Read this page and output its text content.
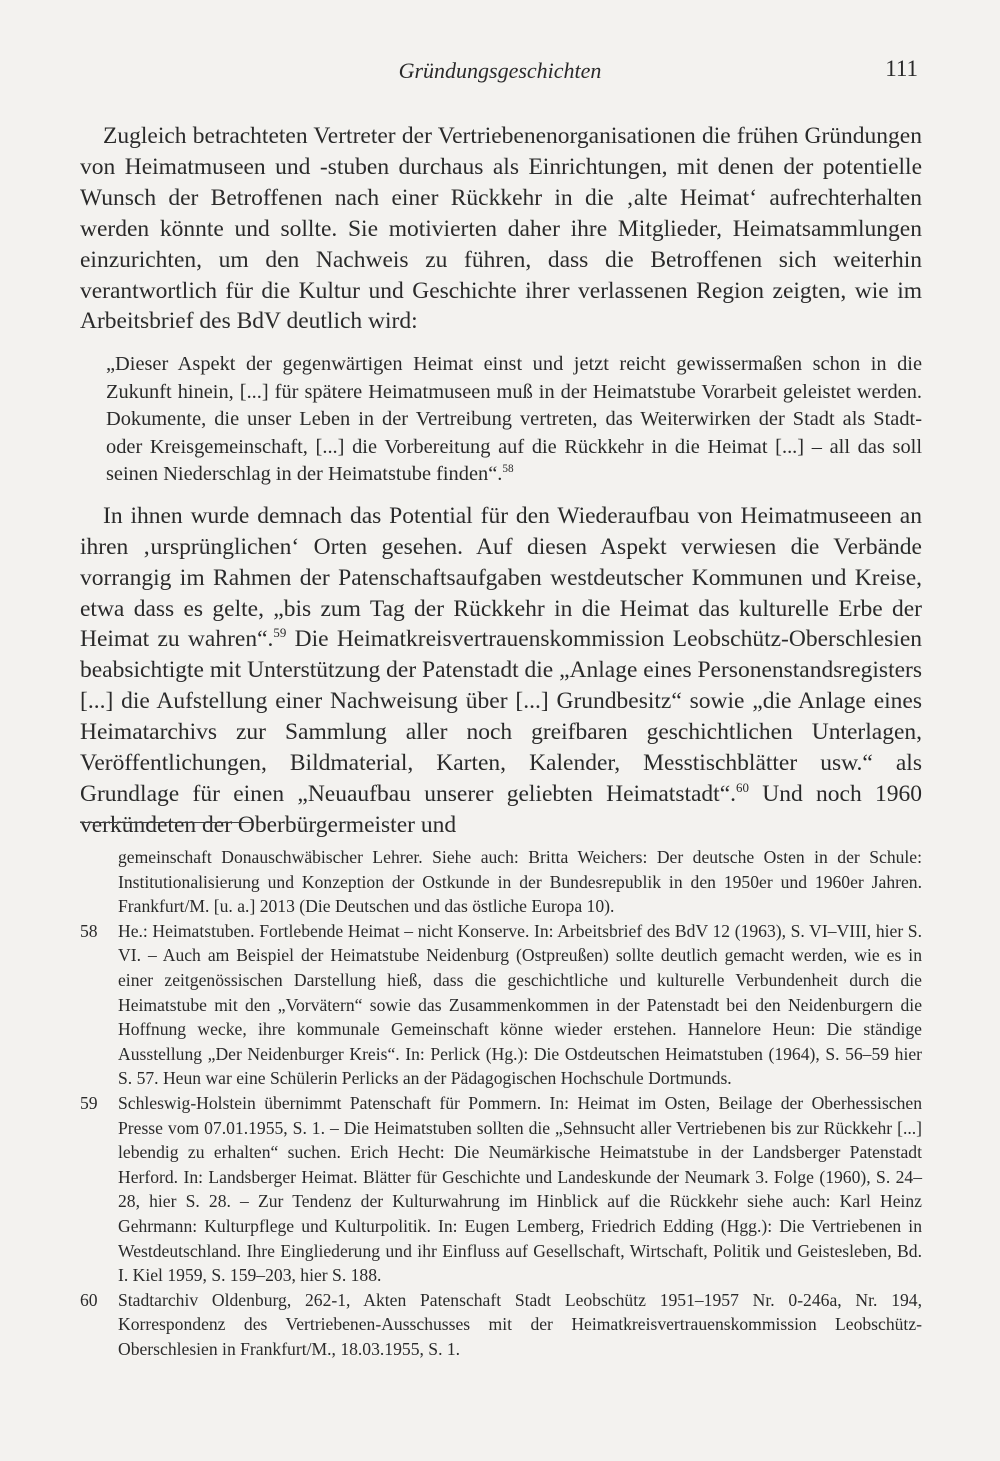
Gründungsgeschichten	111

Zugleich betrachteten Vertreter der Vertriebenenorganisationen die frühen Gründungen von Heimatmuseen und -stuben durchaus als Einrichtungen, mit denen der potentielle Wunsch der Betroffenen nach einer Rückkehr in die ‚alte Heimat‘ aufrechterhalten werden könnte und sollte. Sie motivierten daher ihre Mitglieder, Heimatsammlungen einzurichten, um den Nachweis zu führen, dass die Betroffenen sich weiterhin verantwortlich für die Kultur und Geschichte ihrer verlassenen Region zeigten, wie im Arbeitsbrief des BdV deutlich wird:

„Dieser Aspekt der gegenwärtigen Heimat einst und jetzt reicht gewissermaßen schon in die Zukunft hinein, [...] für spätere Heimatmuseen muß in der Heimatstube Vorarbeit geleistet werden. Dokumente, die unser Leben in der Vertreibung vertreten, das Weiterwirken der Stadt als Stadt- oder Kreisgemeinschaft, [...] die Vorbereitung auf die Rückkehr in die Heimat [...] – all das soll seinen Niederschlag in der Heimatstube finden“.$^{58}$

In ihnen wurde demnach das Potential für den Wiederaufbau von Heimatmuseeen an ihren ‚ursprünglichen‘ Orten gesehen. Auf diesen Aspekt verwiesen die Verbände vorrangig im Rahmen der Patenschaftsaufgaben westdeutscher Kommunen und Kreise, etwa dass es gelte, „bis zum Tag der Rückkehr in die Heimat das kulturelle Erbe der Heimat zu wahren“.$^{59}$ Die Heimatkreisvertrauenskommission Leobschütz-Oberschlesien beabsichtigte mit Unterstützung der Patenstadt die „Anlage eines Personenstandsregisters [...] die Aufstellung einer Nachweisung über [...] Grundbesitz“ sowie „die Anlage eines Heimatarchivs zur Sammlung aller noch greifbaren geschichtlichen Unterlagen, Veröffentlichungen, Bildmaterial, Karten, Kalender, Messtischblätter usw.“ als Grundlage für einen „Neuaufbau unserer geliebten Heimatstadt“.$^{60}$ Und noch 1960 verkündeten der Oberbürgermeister und

gemeinschaft Donauschwäbischer Lehrer. Siehe auch: Britta Weichers: Der deutsche Osten in der Schule: Institutionalisierung und Konzeption der Ostkunde in der Bundesrepublik in den 1950er und 1960er Jahren. Frankfurt/M. [u. a.] 2013 (Die Deutschen und das östliche Europa 10).

58	He.: Heimatstuben. Fortlebende Heimat – nicht Konserve. In: Arbeitsbrief des BdV 12 (1963), S. VI–VIII, hier S. VI. – Auch am Beispiel der Heimatstube Neidenburg (Ostpreußen) sollte deutlich gemacht werden, wie es in einer zeitgenössischen Darstellung hieß, dass die geschichtliche und kulturelle Verbundenheit durch die Heimatstube mit den „Vorvätern“ sowie das Zusammenkommen in der Patenstadt bei den Neidenburgern die Hoffnung wecke, ihre kommunale Gemeinschaft könne wieder erstehen. Hannelore Heun: Die ständige Ausstellung „Der Neidenburger Kreis“. In: Perlick (Hg.): Die Ostdeutschen Heimatstuben (1964), S. 56–59 hier S. 57. Heun war eine Schülerin Perlicks an der Pädagogischen Hochschule Dortmunds.

59	Schleswig-Holstein übernimmt Patenschaft für Pommern. In: Heimat im Osten, Beilage der Oberhessischen Presse vom 07.01.1955, S. 1. – Die Heimatstuben sollten die „Sehnsucht aller Vertriebenen bis zur Rückkehr [...] lebendig zu erhalten“ suchen. Erich Hecht: Die Neumärkische Heimatstube in der Landsberger Patenstadt Herford. In: Landsberger Heimat. Blätter für Geschichte und Landeskunde der Neumark 3. Folge (1960), S. 24–28, hier S. 28. – Zur Tendenz der Kulturwahrung im Hinblick auf die Rückkehr siehe auch: Karl Heinz Gehrmann: Kulturpflege und Kulturpolitik. In: Eugen Lemberg, Friedrich Edding (Hgg.): Die Vertriebenen in Westdeutschland. Ihre Eingliederung und ihr Einfluss auf Gesellschaft, Wirtschaft, Politik und Geistesleben, Bd. I. Kiel 1959, S. 159–203, hier S. 188.

60	Stadtarchiv Oldenburg, 262-1, Akten Patenschaft Stadt Leobschütz 1951–1957 Nr. 0-246a, Nr. 194, Korrespondenz des Vertriebenen-Ausschusses mit der Heimatkreisvertrauenskommission Leobschütz-Oberschlesien in Frankfurt/M., 18.03.1955, S. 1.
